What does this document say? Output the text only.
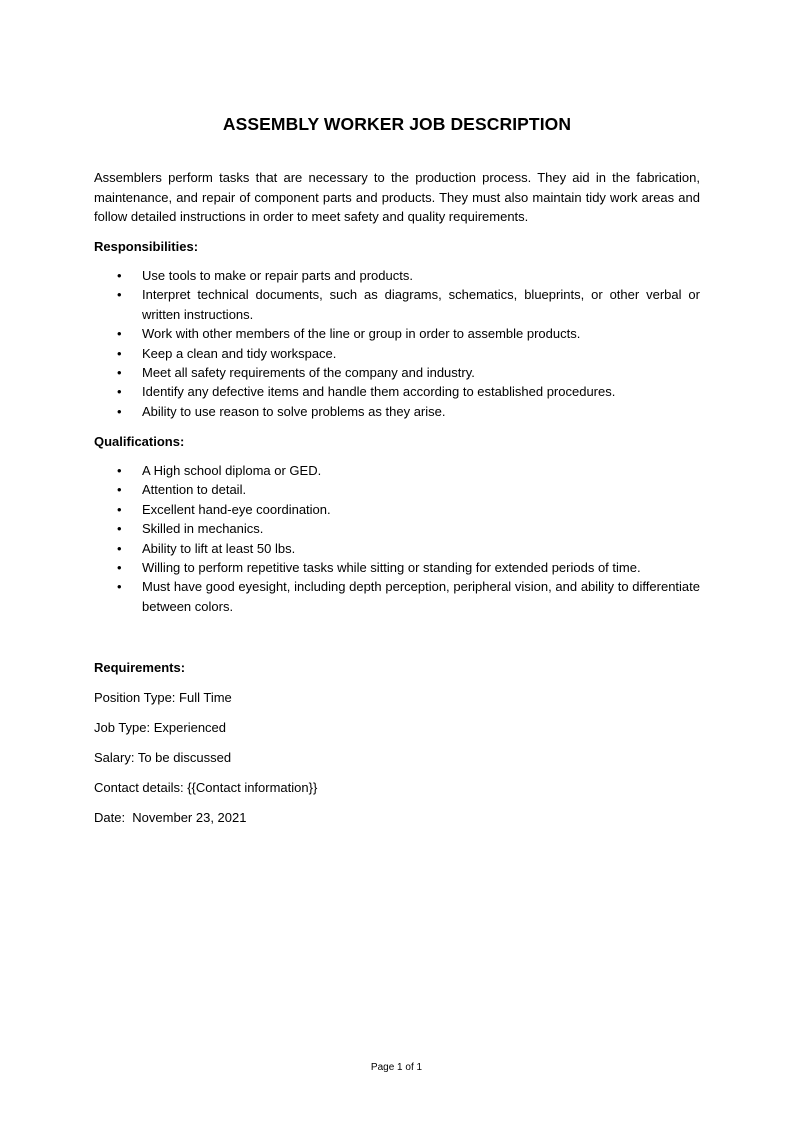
ASSEMBLY WORKER JOB DESCRIPTION
Assemblers perform tasks that are necessary to the production process. They aid in the fabrication, maintenance, and repair of component parts and products. They must also maintain tidy work areas and follow detailed instructions in order to meet safety and quality requirements.
Responsibilities:
• Use tools to make or repair parts and products.
• Interpret technical documents, such as diagrams, schematics, blueprints, or other verbal or written instructions.
• Work with other members of the line or group in order to assemble products.
• Keep a clean and tidy workspace.
• Meet all safety requirements of the company and industry.
• Identify any defective items and handle them according to established procedures.
• Ability to use reason to solve problems as they arise.
Qualifications:
• A High school diploma or GED.
• Attention to detail.
• Excellent hand-eye coordination.
• Skilled in mechanics.
• Ability to lift at least 50 lbs.
• Willing to perform repetitive tasks while sitting or standing for extended periods of time.
• Must have good eyesight, including depth perception, peripheral vision, and ability to differentiate between colors.
Requirements:
Position Type: Full Time
Job Type: Experienced
Salary: To be discussed
Contact details: {{Contact information}}
Date:  November 23, 2021
Page 1 of 1
